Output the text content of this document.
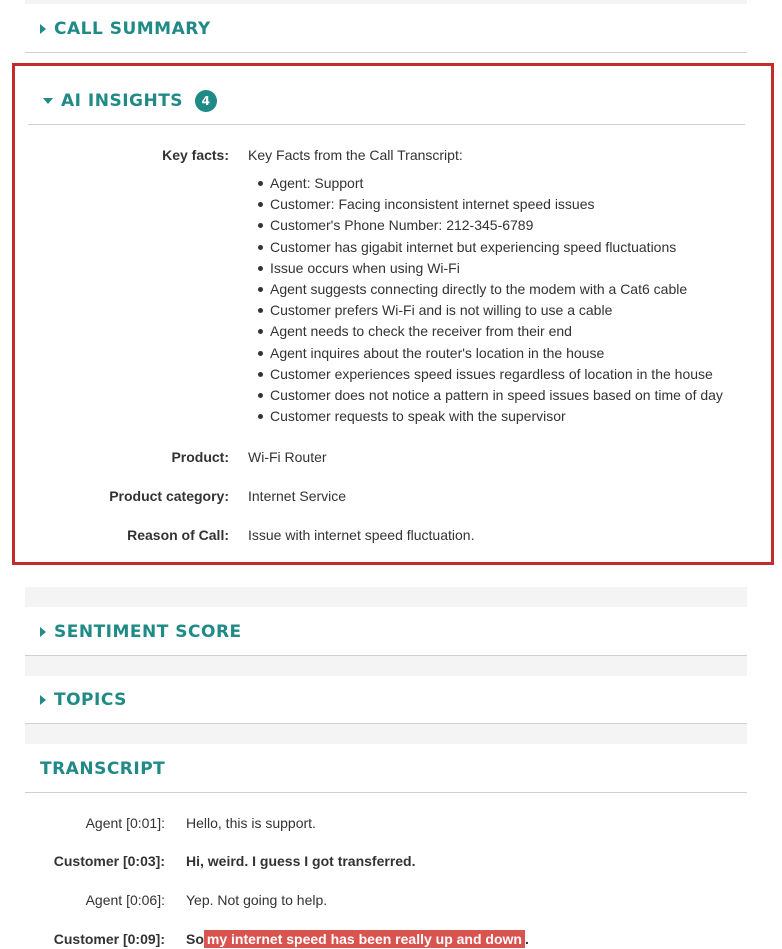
CALL SUMMARY
AI INSIGHTS	4
Key facts: Key Facts from the Call Transcript:
Agent: Support
Customer: Facing inconsistent internet speed issues
Customer's Phone Number: 212-345-6789
Customer has gigabit internet but experiencing speed fluctuations
Issue occurs when using Wi-Fi
Agent suggests connecting directly to the modem with a Cat6 cable
Customer prefers Wi-Fi and is not willing to use a cable
Agent needs to check the receiver from their end
Agent inquires about the router's location in the house
Customer experiences speed issues regardless of location in the house
Customer does not notice a pattern in speed issues based on time of day
Customer requests to speak with the supervisor
Product: Wi-Fi Router
Product category: Internet Service
Reason of Call: Issue with internet speed fluctuation.
SENTIMENT SCORE
TOPICS
TRANSCRIPT
Agent [0:01]: Hello, this is support.
Customer [0:03]: Hi, weird. I guess I got transferred.
Agent [0:06]: Yep. Not going to help.
Customer [0:09]: So my internet speed has been really up and down .
